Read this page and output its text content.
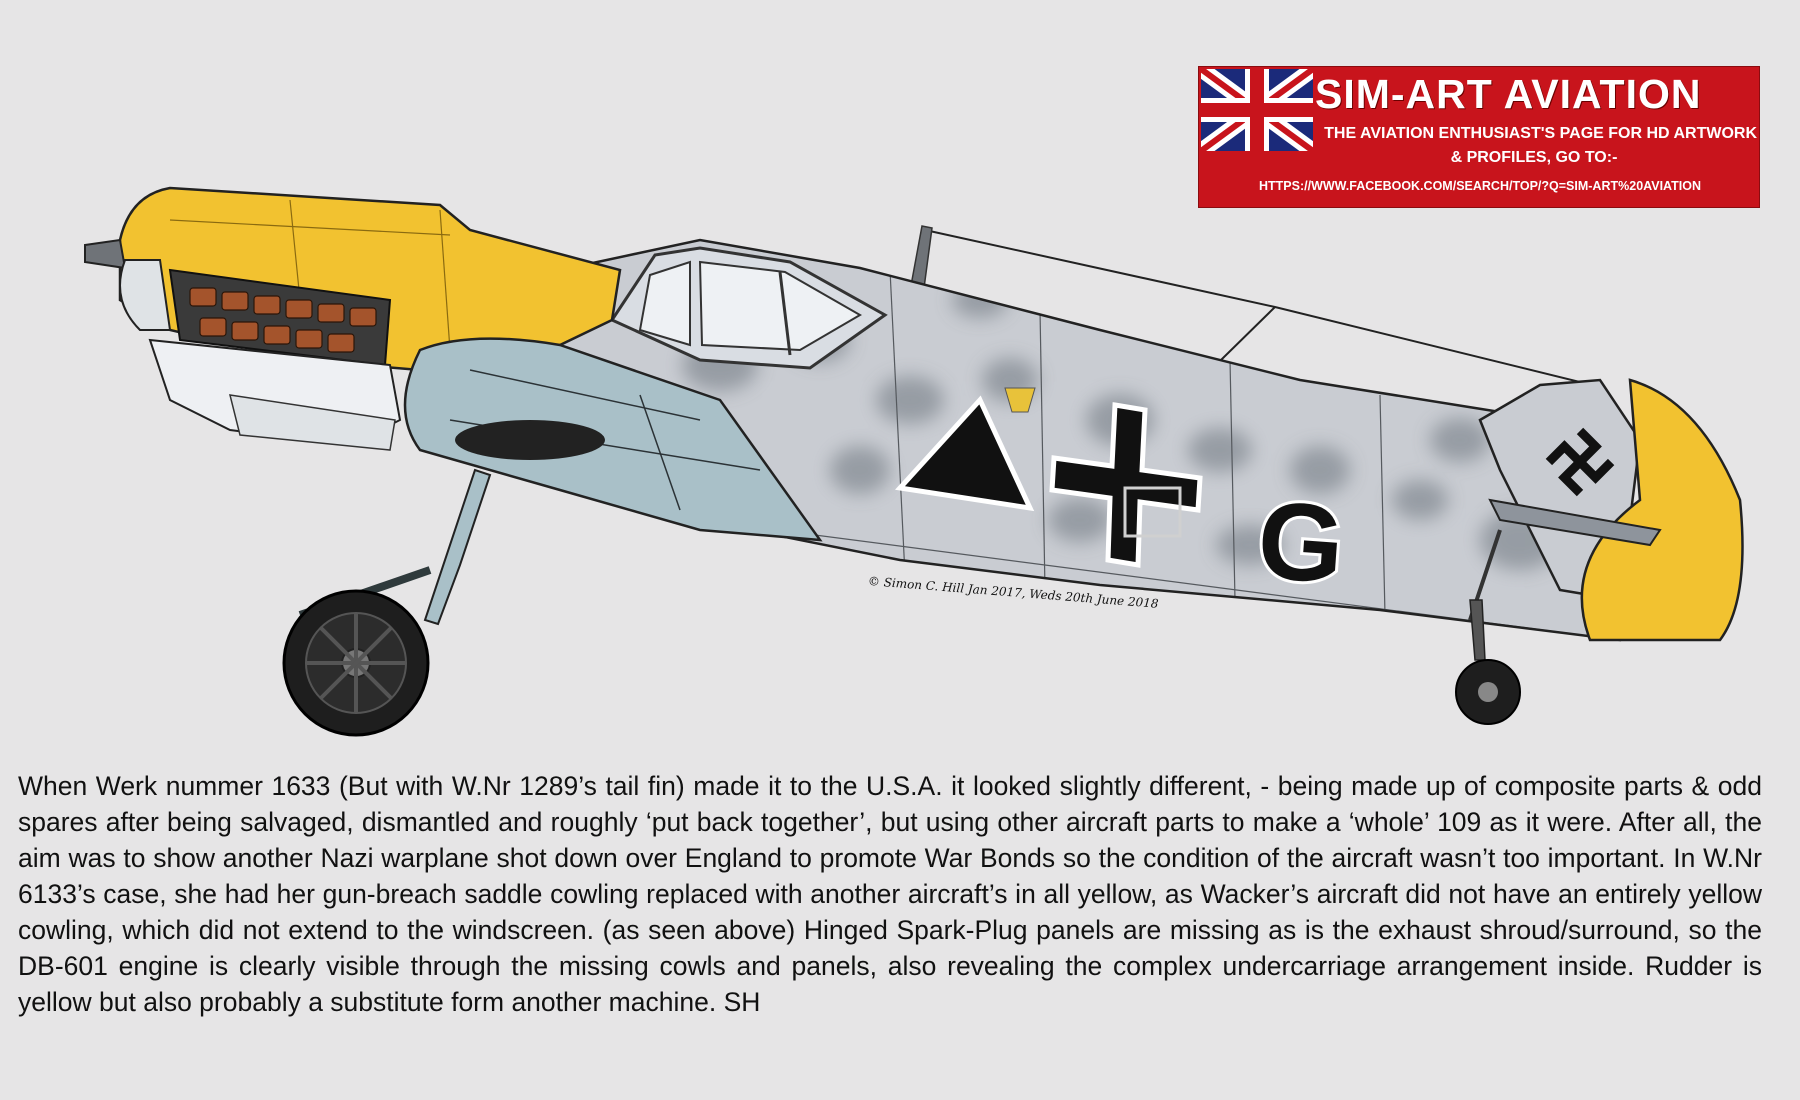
G
© Simon C. Hill Jan 2017, Weds 20th June 2018
SIM-ART AVIATION
THE AVIATION ENTHUSIAST'S PAGE FOR HD ARTWORK
& PROFILES, GO TO:-
HTTPS://WWW.FACEBOOK.COM/SEARCH/TOP/?Q=SIM-ART%20AVIATION

When Werk nummer 1633 (But with W.Nr 1289’s tail fin) made it to the U.S.A. it looked slightly different, - being made up of composite parts & odd spares after being salvaged, dismantled and roughly ‘put back together’, but using other aircraft parts to make a ‘whole’ 109 as it were. After all, the aim was to show another Nazi warplane shot down over England to promote War Bonds so the condition of the aircraft wasn’t too important. In W.Nr 6133’s case, she had her gun-breach saddle cowling replaced with another aircraft’s in all yellow, as Wacker’s aircraft did not have an entirely yellow cowling, which did not extend to the windscreen. (as seen above) Hinged Spark-Plug panels are missing as is the exhaust shroud/surround, so the DB-601 engine is clearly visible through the missing cowls and panels, also revealing the complex undercarriage arrangement inside. Rudder is yellow but also probably a substitute form another machine. SH
